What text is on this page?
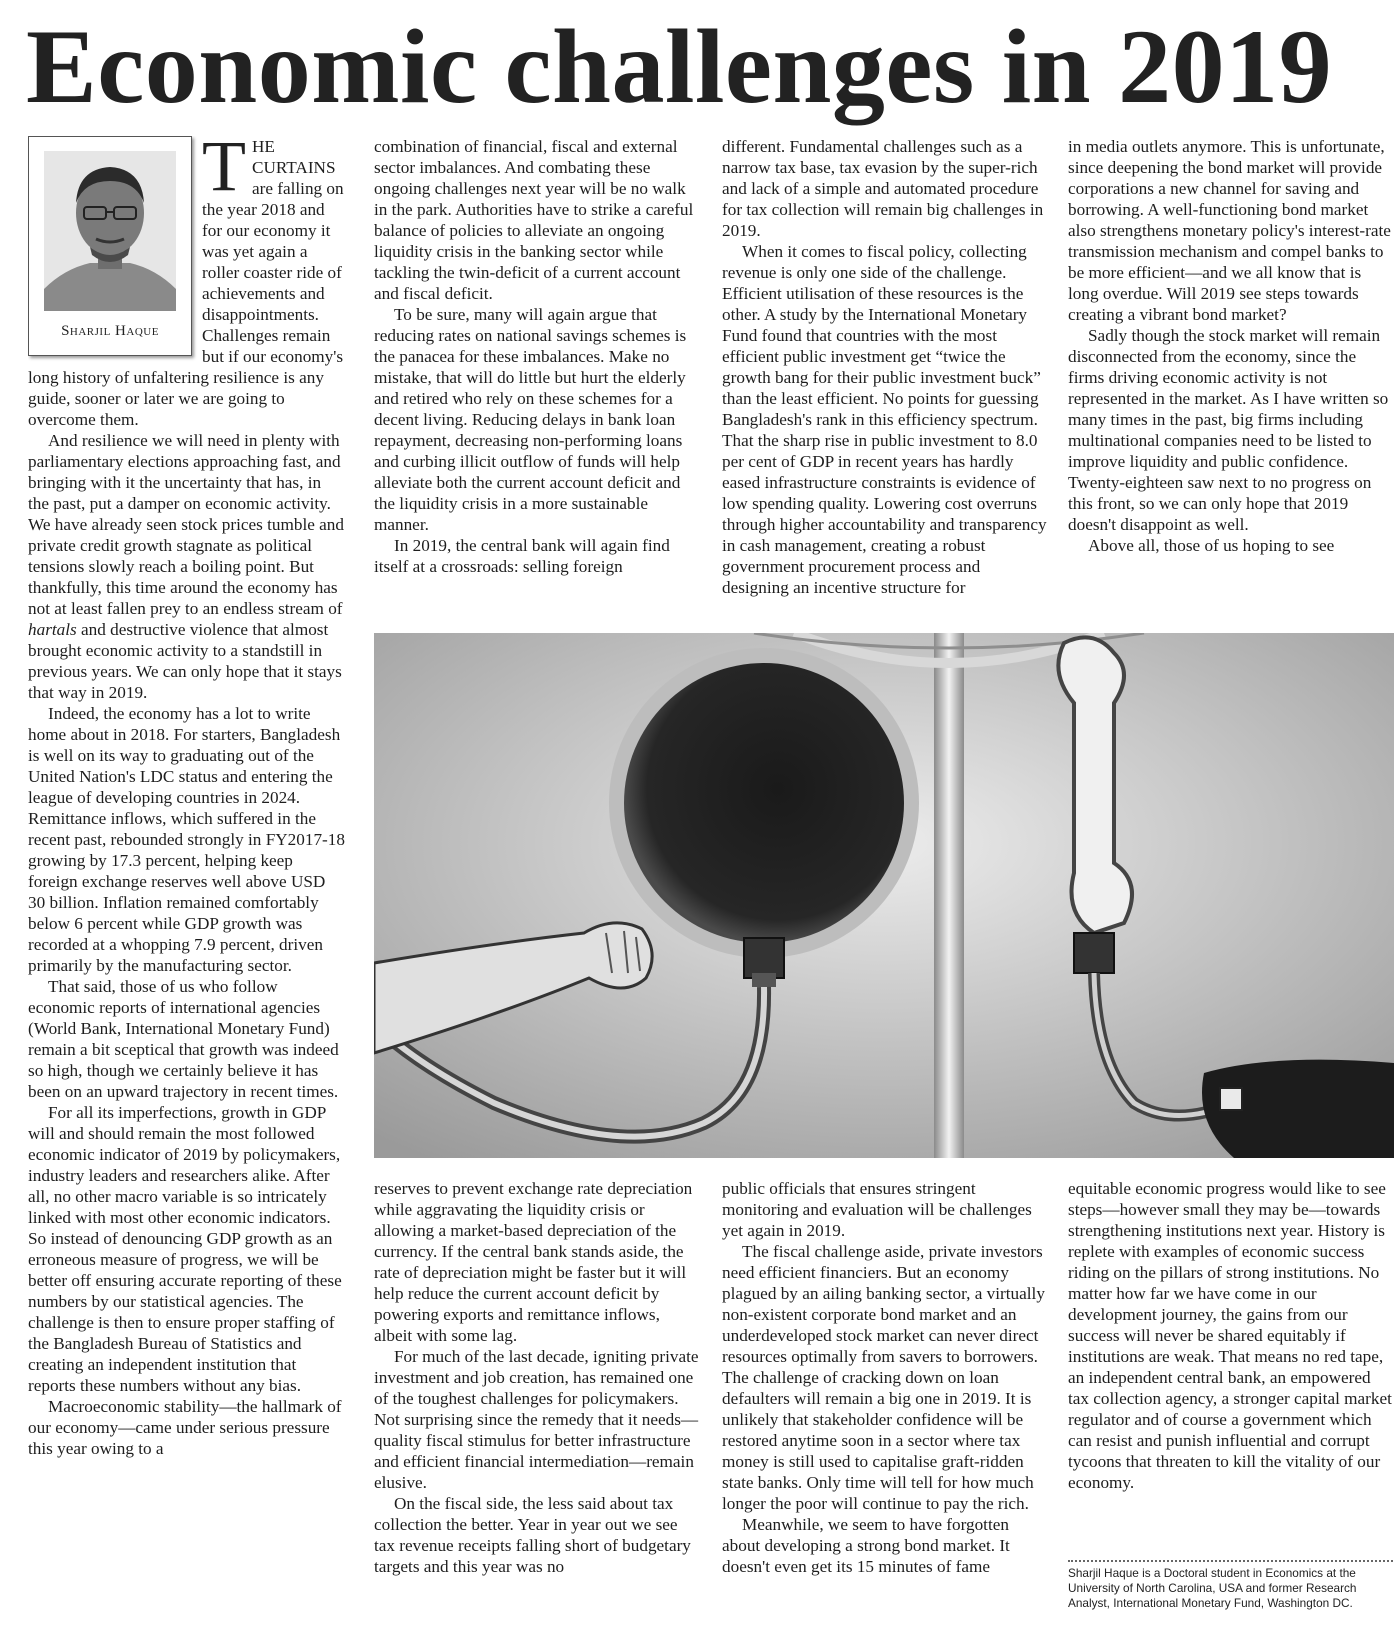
Economic challenges in 2019
Sharjil Haque
T HE CURTAINS are falling on the year 2018 and for our economy it was yet again a roller coaster ride of achievements and disappointments. Challenges remain but if our economy's long history of unfaltering resilience is any guide, sooner or later we are going to overcome them.

And resilience we will need in plenty with parliamentary elections approaching fast, and bringing with it the uncertainty that has, in the past, put a damper on economic activity. We have already seen stock prices tumble and private credit growth stagnate as political tensions slowly reach a boiling point. But thankfully, this time around the economy has not at least fallen prey to an endless stream of hartals and destructive violence that almost brought economic activity to a standstill in previous years. We can only hope that it stays that way in 2019.

Indeed, the economy has a lot to write home about in 2018. For starters, Bangladesh is well on its way to graduating out of the United Nation's LDC status and entering the league of developing countries in 2024. Remittance inflows, which suffered in the recent past, rebounded strongly in FY2017-18 growing by 17.3 percent, helping keep foreign exchange reserves well above USD 30 billion. Inflation remained comfortably below 6 percent while GDP growth was recorded at a whopping 7.9 percent, driven primarily by the manufacturing sector.

That said, those of us who follow economic reports of international agencies (World Bank, International Monetary Fund) remain a bit sceptical that growth was indeed so high, though we certainly believe it has been on an upward trajectory in recent times.

For all its imperfections, growth in GDP will and should remain the most followed economic indicator of 2019 by policymakers, industry leaders and researchers alike. After all, no other macro variable is so intricately linked with most other economic indicators. So instead of denouncing GDP growth as an erroneous measure of progress, we will be better off ensuring accurate reporting of these numbers by our statistical agencies. The challenge is then to ensure proper staffing of the Bangladesh Bureau of Statistics and creating an independent institution that reports these numbers without any bias.

Macroeconomic stability—the hallmark of our economy—came under serious pressure this year owing to a

combination of financial, fiscal and external sector imbalances. And combating these ongoing challenges next year will be no walk in the park. Authorities have to strike a careful balance of policies to alleviate an ongoing liquidity crisis in the banking sector while tackling the twin-deficit of a current account and fiscal deficit.

To be sure, many will again argue that reducing rates on national savings schemes is the panacea for these imbalances. Make no mistake, that will do little but hurt the elderly and retired who rely on these schemes for a decent living. Reducing delays in bank loan repayment, decreasing non-performing loans and curbing illicit outflow of funds will help alleviate both the current account deficit and the liquidity crisis in a more sustainable manner.

In 2019, the central bank will again find itself at a crossroads: selling foreign

different. Fundamental challenges such as a narrow tax base, tax evasion by the super-rich and lack of a simple and automated procedure for tax collection will remain big challenges in 2019.

When it comes to fiscal policy, collecting revenue is only one side of the challenge. Efficient utilisation of these resources is the other. A study by the International Monetary Fund found that countries with the most efficient public investment get “twice the growth bang for their public investment buck” than the least efficient. No points for guessing Bangladesh's rank in this efficiency spectrum. That the sharp rise in public investment to 8.0 per cent of GDP in recent years has hardly eased infrastructure constraints is evidence of low spending quality. Lowering cost overruns through higher accountability and transparency in cash management, creating a robust government procurement process and designing an incentive structure for

in media outlets anymore. This is unfortunate, since deepening the bond market will provide corporations a new channel for saving and borrowing. A well-functioning bond market also strengthens monetary policy's interest-rate transmission mechanism and compel banks to be more efficient—and we all know that is long overdue. Will 2019 see steps towards creating a vibrant bond market?

Sadly though the stock market will remain disconnected from the economy, since the firms driving economic activity is not represented in the market. As I have written so many times in the past, big firms including multinational companies need to be listed to improve liquidity and public confidence. Twenty-eighteen saw next to no progress on this front, so we can only hope that 2019 doesn't disappoint as well.

Above all, those of us hoping to see

reserves to prevent exchange rate depreciation while aggravating the liquidity crisis or allowing a market-based depreciation of the currency. If the central bank stands aside, the rate of depreciation might be faster but it will help reduce the current account deficit by powering exports and remittance inflows, albeit with some lag.

For much of the last decade, igniting private investment and job creation, has remained one of the toughest challenges for policymakers. Not surprising since the remedy that it needs—quality fiscal stimulus for better infrastructure and efficient financial intermediation—remain elusive.

On the fiscal side, the less said about tax collection the better. Year in year out we see tax revenue receipts falling short of budgetary targets and this year was no

public officials that ensures stringent monitoring and evaluation will be challenges yet again in 2019.

The fiscal challenge aside, private investors need efficient financiers. But an economy plagued by an ailing banking sector, a virtually non-existent corporate bond market and an underdeveloped stock market can never direct resources optimally from savers to borrowers. The challenge of cracking down on loan defaulters will remain a big one in 2019. It is unlikely that stakeholder confidence will be restored anytime soon in a sector where tax money is still used to capitalise graft-ridden state banks. Only time will tell for how much longer the poor will continue to pay the rich.

Meanwhile, we seem to have forgotten about developing a strong bond market. It doesn't even get its 15 minutes of fame

equitable economic progress would like to see steps—however small they may be—towards strengthening institutions next year. History is replete with examples of economic success riding on the pillars of strong institutions. No matter how far we have come in our development journey, the gains from our success will never be shared equitably if institutions are weak. That means no red tape, an independent central bank, an empowered tax collection agency, a stronger capital market regulator and of course a government which can resist and punish influential and corrupt tycoons that threaten to kill the vitality of our economy.

Sharjil Haque is a Doctoral student in Economics at the University of North Carolina, USA and former Research Analyst, International Monetary Fund, Washington DC.
